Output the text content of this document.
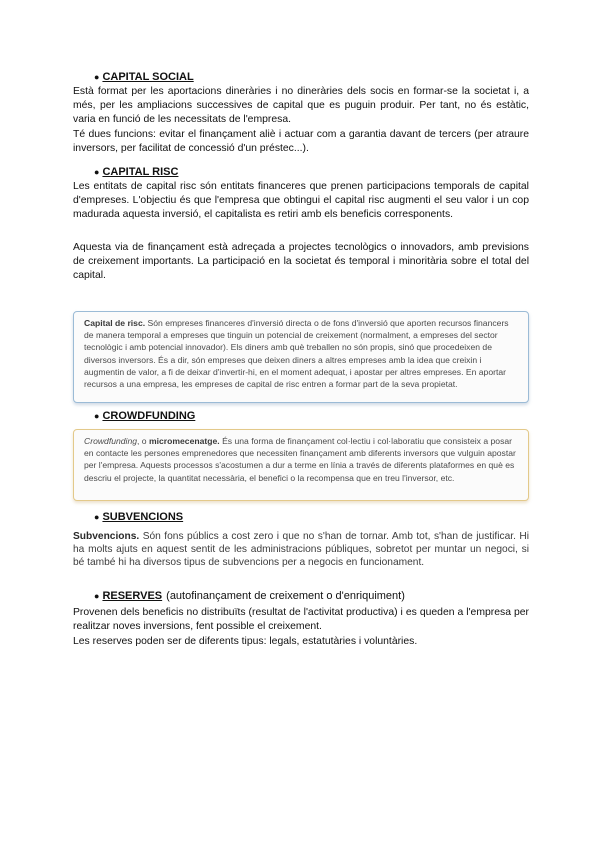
● CAPITAL SOCIAL

Està format per les aportacions dineràries i no dineràries dels socis en formar-se la societat i, a més, per les ampliacions successives de capital que es puguin produir. Per tant, no és estàtic, varia en funció de les necessitats de l'empresa.

Té dues funcions: evitar el finançament aliè i actuar com a garantia davant de tercers (per atraure inversors, per facilitat de concessió d'un préstec...).

● CAPITAL RISC

Les entitats de capital risc són entitats financeres que prenen participacions temporals de capital d'empreses. L'objectiu és que l'empresa que obtingui el capital risc augmenti el seu valor i un cop madurada aquesta inversió, el capitalista es retiri amb els beneficis corresponents.

Aquesta via de finançament està adreçada a projectes tecnològics o innovadors, amb previsions de creixement importants. La participació en la societat és temporal i minoritària sobre el total del capital.

Capital de risc. Són empreses financeres d'inversió directa o de fons d'inversió que aporten recursos financers de manera temporal a empreses que tinguin un potencial de creixement (normalment, a empreses del sector tecnològic i amb potencial innovador). Els diners amb què treballen no són propis, sinó que procedeixen de diversos inversors. És a dir, són empreses que deixen diners a altres empreses amb la idea que creixin i augmentin de valor, a fi de deixar d'invertir-hi, en el moment adequat, i apostar per altres empreses. En aportar recursos a una empresa, les empreses de capital de risc entren a formar part de la seva propietat.

● CROWDFUNDING

Crowdfunding, o micromecenatge. És una forma de finançament col·lectiu i col·laboratiu que consisteix a posar en contacte les persones emprenedores que necessiten finançament amb diferents inversors que vulguin apostar per l'empresa. Aquests processos s'acostumen a dur a terme en línia a través de diferents plataformes en què es descriu el projecte, la quantitat necessària, el benefici o la recompensa que en treu l'inversor, etc.

● SUBVENCIONS

Subvencions. Són fons públics a cost zero i que no s'han de tornar. Amb tot, s'han de justificar. Hi ha molts ajuts en aquest sentit de les administracions públiques, sobretot per muntar un negoci, si bé també hi ha diversos tipus de subvencions per a negocis en funcionament.

● RESERVES (autofinançament de creixement o d'enriquiment)

Provenen dels beneficis no distribuïts (resultat de l'activitat productiva) i es queden a l'empresa per realitzar noves inversions, fent possible el creixement.

Les reserves poden ser de diferents tipus: legals, estatutàries i voluntàries.
